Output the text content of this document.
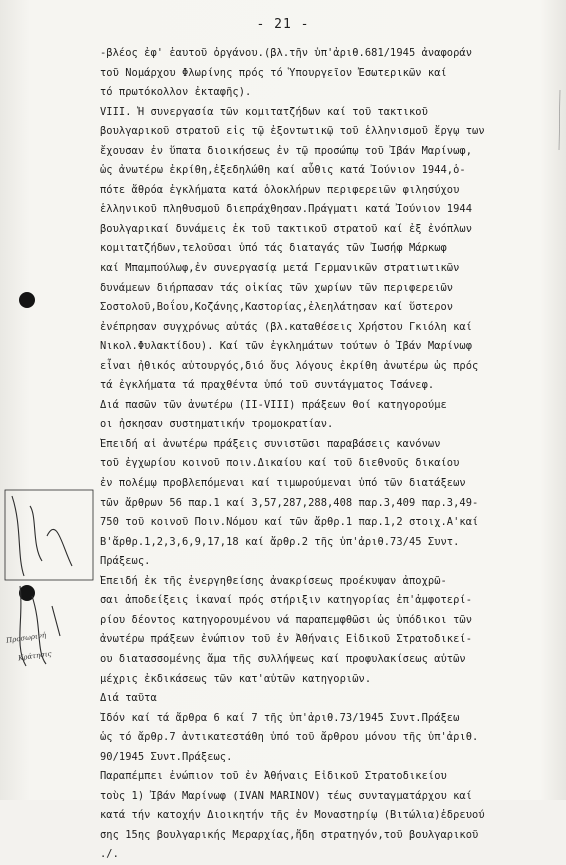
- 21 -
-βλέος ἐφ' ἑαυτοῦ ὀργάνου.(βλ.τῆν ὑπ'ἀριθ.681/1945 ἀναφοράν
τοῦ Νομάρχου Φλωρίνης πρός τό Ὑπουργεῖον Ἐσωτερικῶν καί
τό πρωτόκολλον ἐκταφῆς).
VIII. Ἡ συνεργασία τῶν κομιτατζήδων καί τοῦ τακτικοῦ
βουλγαρικοῦ στρατοῦ εἰς τῷ ἐξοντωτικῷ τοῦ ἑλληνισμοῦ ἔργῳ των
ἔχουσαν ἐν ὕπατα διοικήσεως ἐν τῷ προσώπῳ τοῦ Ἰβάν Μαρίνωφ,
ὡς ἀνωτέρω ἐκρίθη,ἐξεδηλώθη καί αὖθις κατά Ἰούνιον 1944,ὁ-
πότε ἄθρόα ἐγκλήματα κατά ὁλοκλήρων περιφερειῶν φιλησύχου
ἑλληνικοῦ πληθυσμοῦ διεπράχθησαν.Πράγματι κατά Ἰούνιον 1944
βουλγαρικαί δυνάμεις ἐκ τοῦ τακτικοῦ στρατοῦ καί ἐξ ἐνόπλων
κομιτατζήδων,τελοῦσαι ὑπό τάς διαταγάς τῶν Ἰωσήφ Μάρκωφ
καί Μπαμπούλωφ,ἐν συνεργασίᾳ μετά Γερμανικῶν στρατιωτικῶν
δυνάμεων διήρπασαν τάς οἰκίας τῶν χωρίων τῶν περιφερειῶν
Σοστολοῦ,Βοΐου,Κοζάνης,Καστορίας,ἐλεηλάτησαν καί ὕστερον
ἐνέπρησαν συγχρόνως αὐτάς (βλ.καταθέσεις Χρήστου Γκιόλη καί
Νικολ.Φυλακτίδου). Καί τῶν ἐγκλημάτων τούτων ὁ Ἰβάν Μαρίνωφ
εἶναι ἠθικός αὐτουργός,διό ὅυς λόγους ἐκρίθη ἀνωτέρω ὡς πρός
τά ἐγκλήματα τά πραχθέντα ὑπό τοῦ συντάγματος Τσάνεφ.
Διά πασῶν τῶν ἀνωτέρω (II-VIII) πράξεων θοί κατηγορούμε
οι ἠσκησαν συστηματικήν τρομοκρατίαν.
Ἐπειδή αἱ ἀνωτέρω πράξεις συνιστῶσι παραβάσεις κανόνων
τοῦ ἐγχωρίου κοινοῦ ποιν.Δικαίου καί τοῦ διεθνοῦς δικαίου
ἐν πολέμῳ προβλεπόμεναι καί τιμωρούμεναι ὑπό τῶν διατάξεων
τῶν ἄρθρων 56 παρ.1 καί 3,57,287,288,408 παρ.3,409 παρ.3,49-
750 τοῦ κοινοῦ Ποιν.Νόμου καί τῶν ἄρθρ.1 παρ.1,2 στοιχ.Α'καί
Β'ἄρθρ.1,2,3,6,9,17,18 καί ἄρθρ.2 τῆς ὑπ'ἀριθ.73/45 Συντ.
Πράξεως.
Ἐπειδή ἐκ τῆς ἐνεργηθείσης ἀνακρίσεως προέκυψαν ἀποχρῶ-
σαι ἀποδείξεις ἱκαναί πρός στήριξιν κατηγορίας ἐπ'ἀμφοτερί-
ρίου δέοντος κατηγορουμένου νά παραπεμφθῶσι ὡς ὑπόδικοι τῶν
ἀνωτέρω πράξεων ἐνώπιον τοῦ ἐν Ἀθήναις Εἰδικοῦ Στρατοδικεί-
ου διατασσομένης ἅμα τῆς συλλήψεως καί προφυλακίσεως αὐτῶν
μέχρις ἐκδικάσεως τῶν κατ'αὐτῶν κατηγοριῶν.
Διά ταῦτα
Ἰδόν καί τά ἄρθρα 6 καί 7 τῆς ὑπ'ἀριθ.73/1945 Συντ.Πράξεω
ὡς τό ἄρθρ.7 ἀντικατεστάθη ὑπό τοῦ ἄρθρου μόνου τῆς ὑπ'ἀριθ.
90/1945 Συντ.Πράξεως.
Παραπέμπει ἐνώπιον τοῦ ἐν Ἀθήναις Εἰδικοῦ Στρατοδικείου
τοὺς 1) Ἰβάν Μαρίνωφ (IVAN MARINOV) τέως συνταγματάρχου καί
κατά τήν κατοχήν Διοικητήν τῆς ἐν Μοναστηρίῳ (Βιτώλια)ἑδρευού
σης 15ης βουλγαρικής Μεραρχίας,ἤδη στρατηγόν,τοῦ βουλγαρικοῦ
./.
Προσωρινή
Κράτησις
